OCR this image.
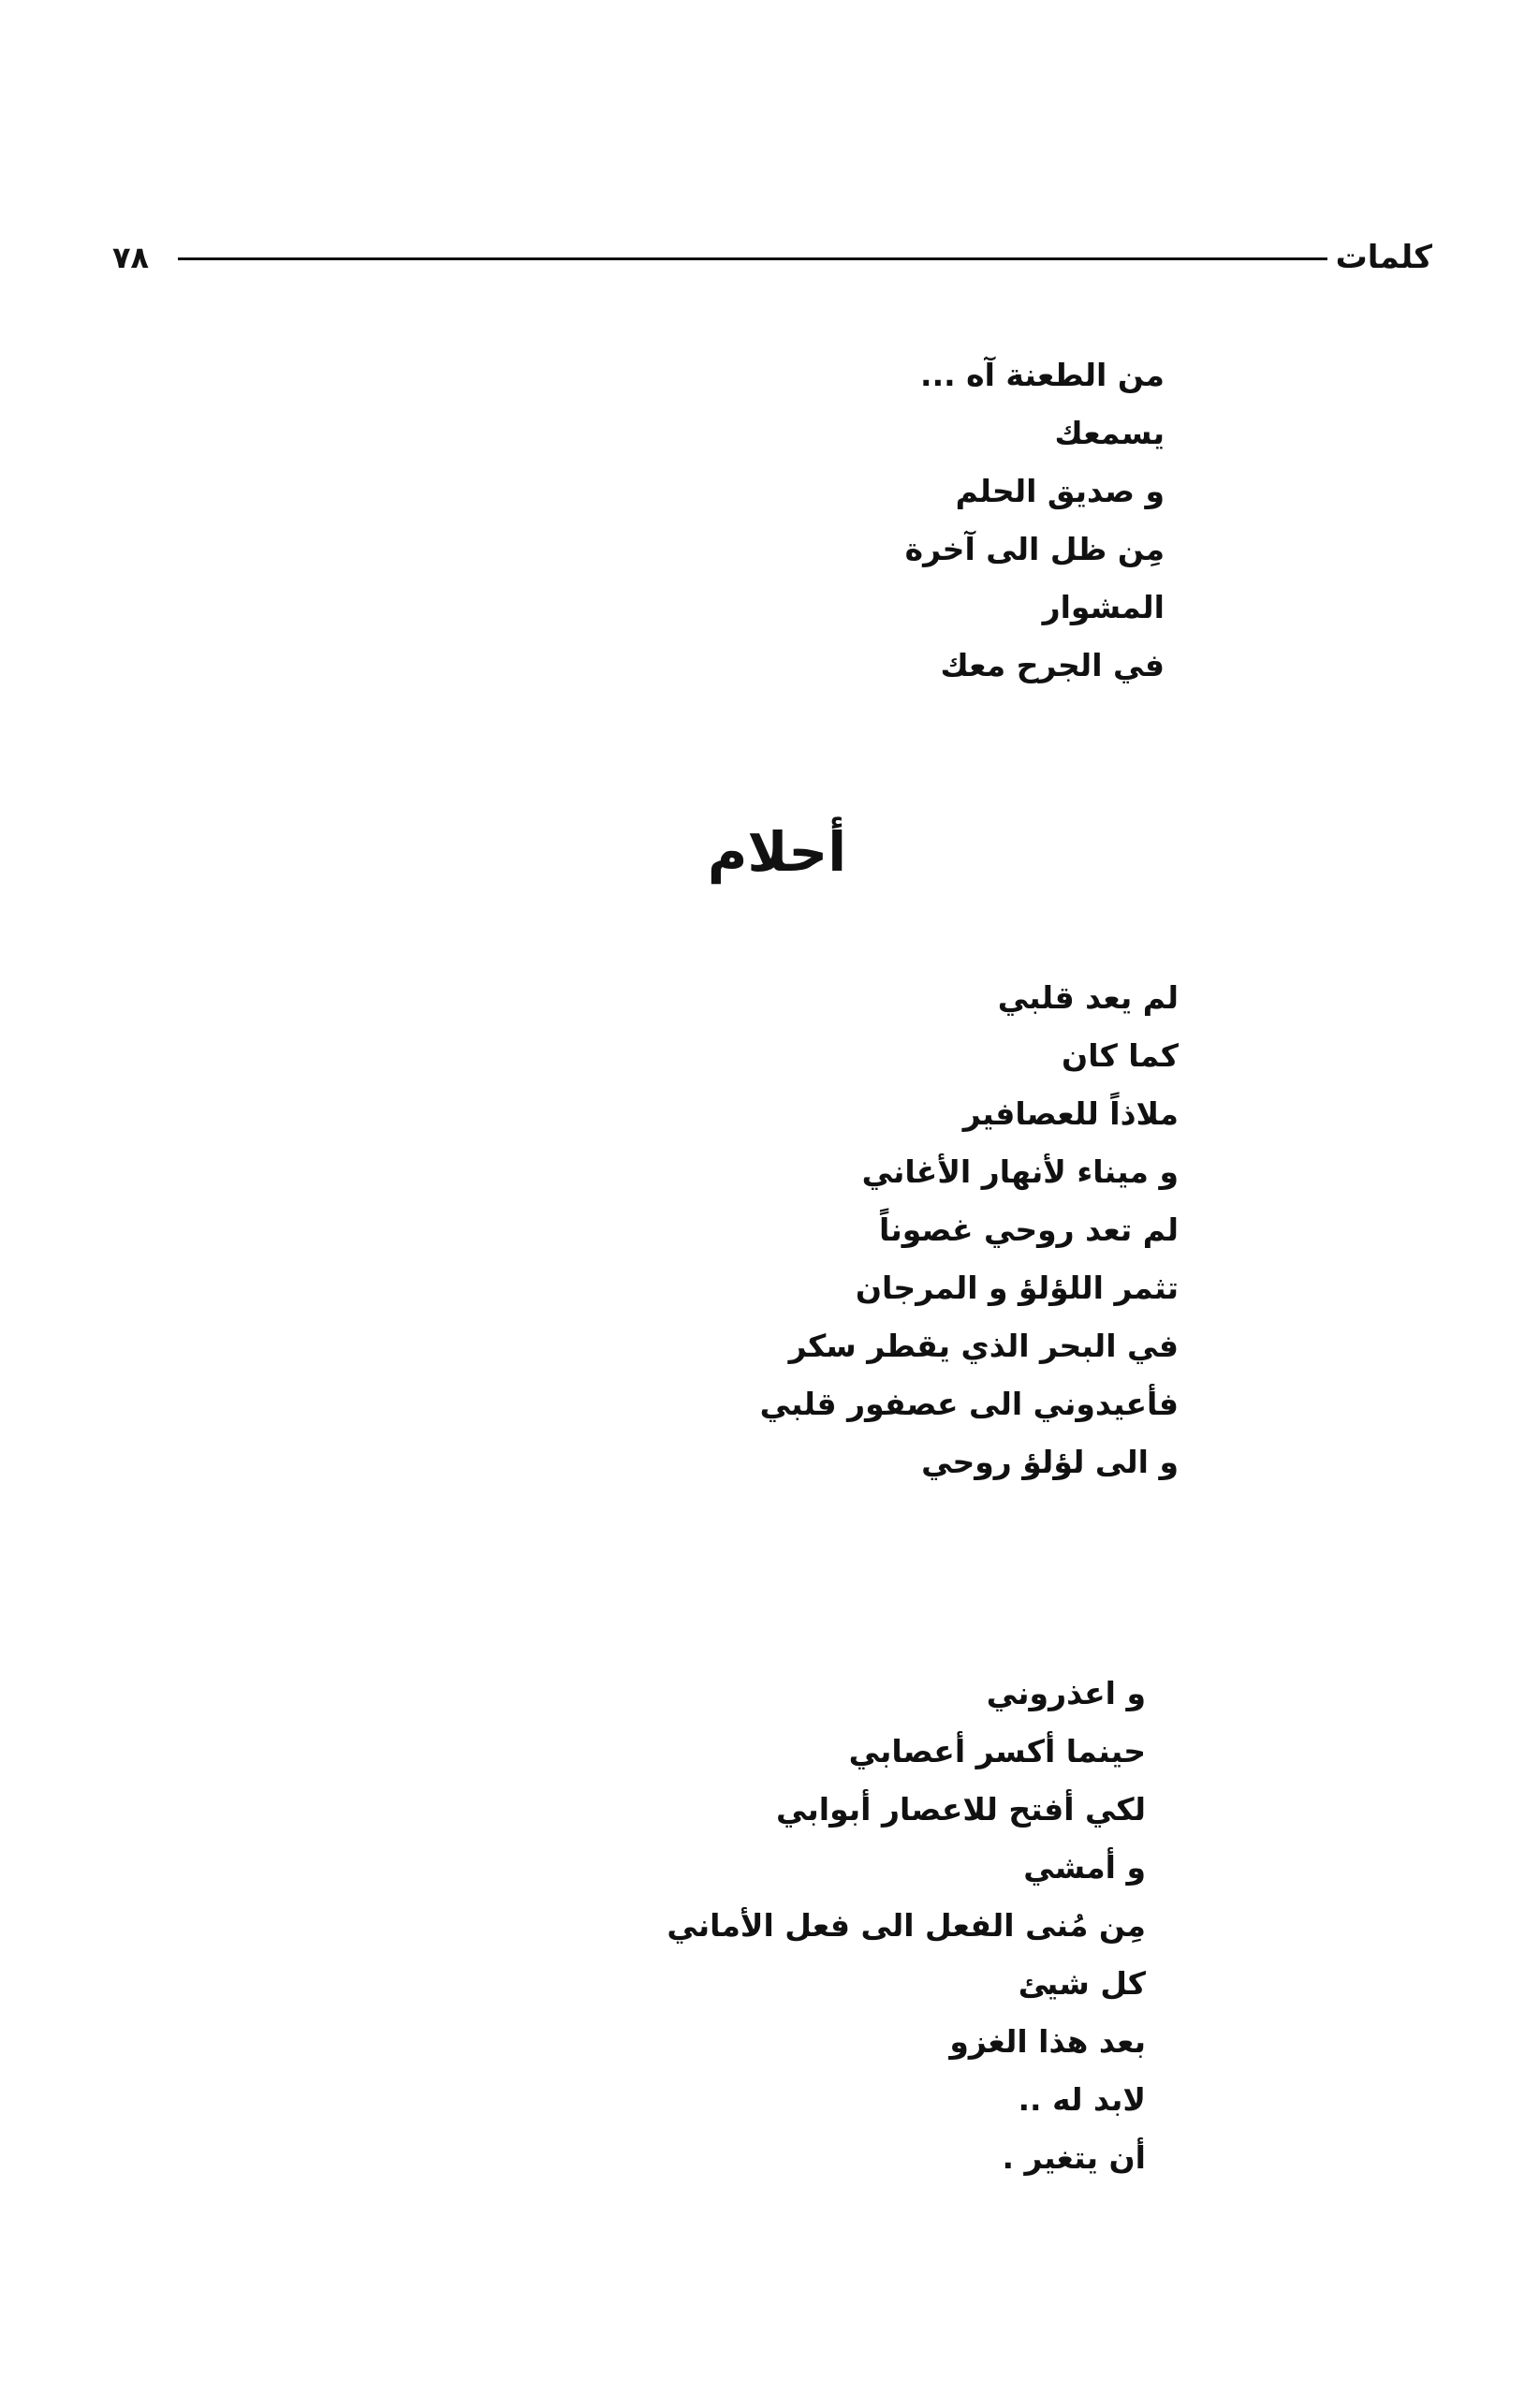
كلمات
٧٨
من الطعنة آه ...
يسمعك
و صديق الحلم
مِن ظل الى آخرة
المشوار
في الجرح معك
أحلام
لم يعد قلبي
كما كان
ملاذاً للعصافير
و ميناء لأنهار الأغاني
لم تعد روحي غصوناً
تثمر اللؤلؤ و المرجان
في البحر الذي يقطر سكر
فأعيدوني الى عصفور قلبي
و الى لؤلؤ روحي
و اعذروني
حينما أكسر أعصابي
لكي أفتح للاعصار أبوابي
و أمشي
مِن مُنى الفعل الى فعل الأماني
كل شيئ
بعد هذا الغزو
لابد له ..
أن يتغير .
